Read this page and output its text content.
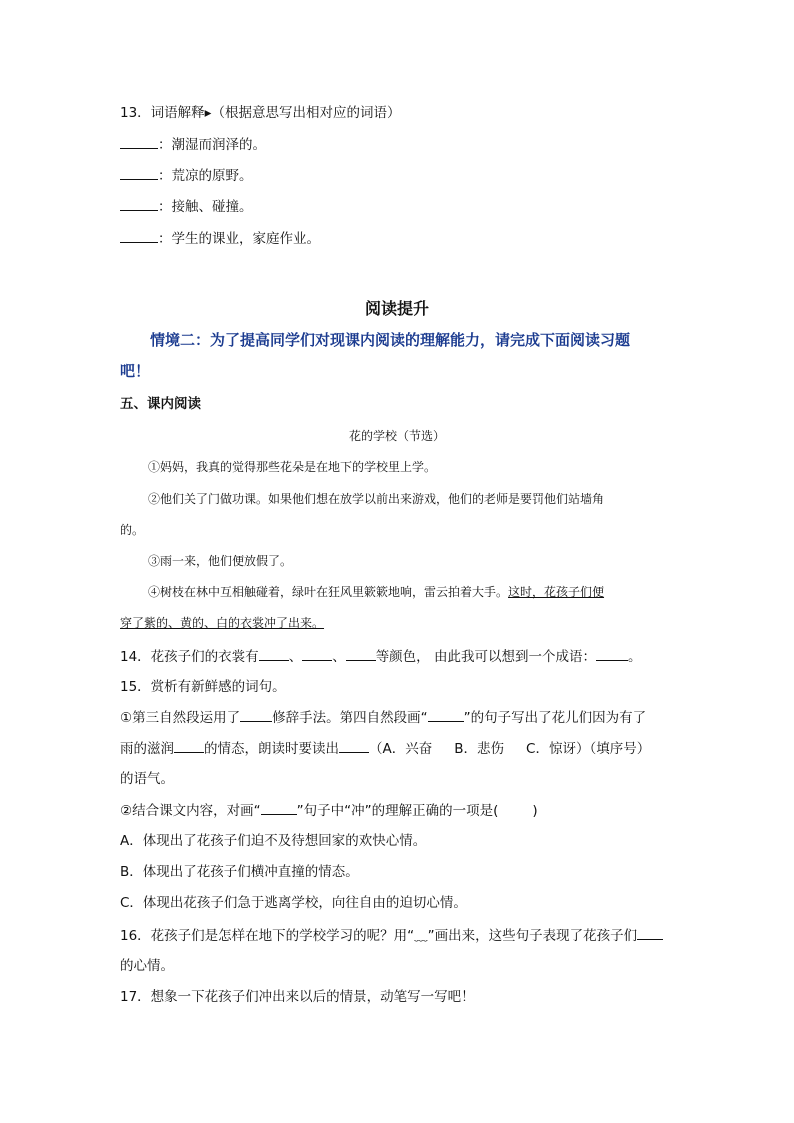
13．词语解释▸（根据意思写出相对应的词语）
：潮湿而润泽的。
：荒凉的原野。
：接触、碰撞。
：学生的课业，家庭作业。
阅读提升
情境二：为了提高同学们对现课内阅读的理解能力，请完成下面阅读习题
吧！
五、课内阅读
花的学校（节选）
①妈妈，我真的觉得那些花朵是在地下的学校里上学。
②他们关了门做功课。如果他们想在放学以前出来游戏，他们的老师是要罚他们站墙角
的。
③雨一来，他们便放假了。
④树枝在林中互相触碰着，绿叶在狂风里簌簌地响，雷云拍着大手。这时，花孩子们便
穿了紫的、黄的、白的衣裳冲了出来。
14．花孩子们的衣裳有 、 、 等颜色， 由此我可以想到一个成语： 。
15．赏析有新鲜感的词句。
①第三自然段运用了 修辞手法。第四自然段画“	”的句子写出了花儿们因为有了
雨的滋润 的情态，朗读时要读出 （A．兴奋 B．悲伤 C．惊讶）（填序号）
的语气。
②结合课文内容，对画“	”句子中“冲”的理解正确的一项是(	)
A．体现出了花孩子们迫不及待想回家的欢快心情。
B．体现出了花孩子们横冲直撞的情态。
C．体现出花孩子们急于逃离学校，向往自由的迫切心情。
16．花孩子们是怎样在地下的学校学习的呢？用“﹏”画出来，这些句子表现了花孩子们
的心情。
17．想象一下花孩子们冲出来以后的情景，动笔写一写吧！
